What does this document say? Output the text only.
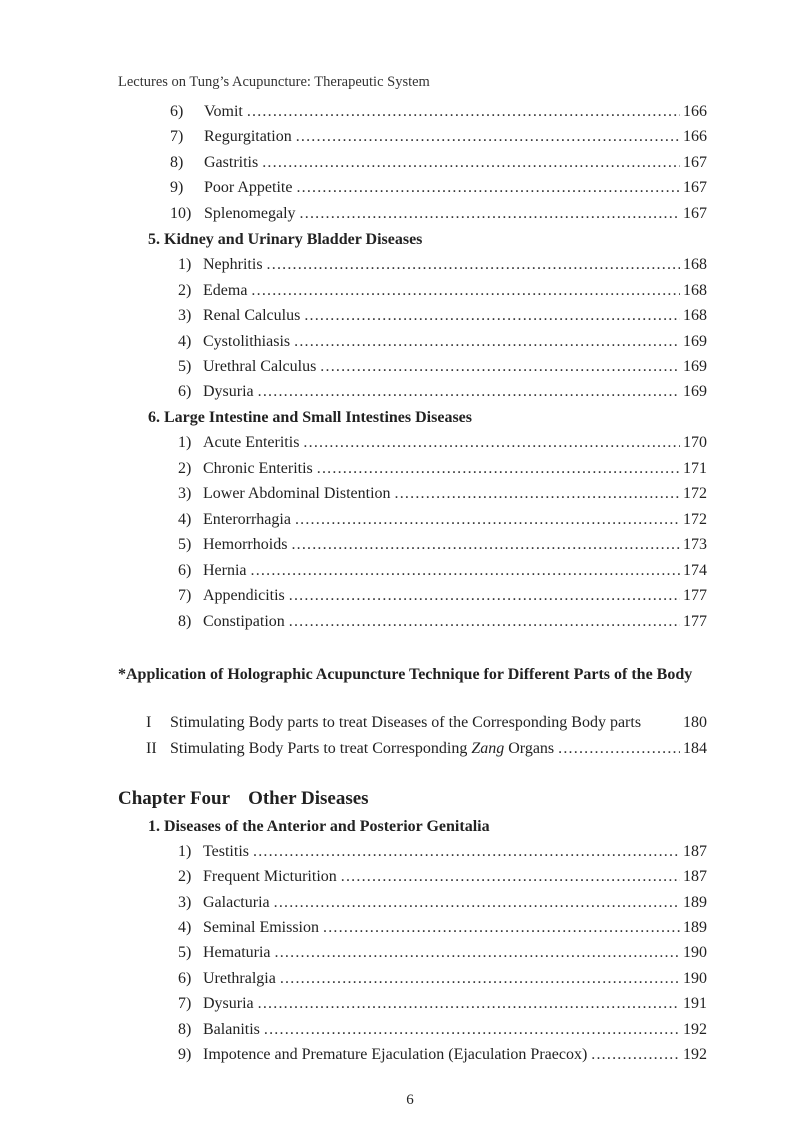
Lectures on Tung’s Acupuncture: Therapeutic System
6)	Vomit .....	166
7)	Regurgitation .....	166
8)	Gastritis .....	167
9)	Poor Appetite .....	167
10) Splenomegaly .....	167
5. Kidney and Urinary Bladder Diseases
1) Nephritis .....	168
2) Edema .....	168
3) Renal Calculus .....	168
4) Cystolithiasis .....	169
5) Urethral Calculus .....	169
6) Dysuria .....	169
6. Large Intestine and Small Intestines Diseases
1) Acute Enteritis .....	170
2) Chronic Enteritis .....	171
3) Lower Abdominal Distention .....	172
4) Enterorrhagia .....	172
5) Hemorrhoids .....	173
6) Hernia .....	174
7) Appendicitis .....	177
8) Constipation .....	177
*Application of Holographic Acupuncture Technique for Different Parts of the Body
I	Stimulating Body parts to treat Diseases of the Corresponding Body parts	180
II Stimulating Body Parts to treat Corresponding Zang Organs .....	184
Chapter Four Other Diseases
1. Diseases of the Anterior and Posterior Genitalia
1) Testitis .....	187
2) Frequent Micturition .....	187
3) Galacturia .....	189
4) Seminal Emission .....	189
5) Hematuria .....	190
6) Urethralgia .....	190
7) Dysuria .....	191
8) Balanitis .....	192
9) Impotence and Premature Ejaculation (Ejaculation Praecox) .....	192
6
